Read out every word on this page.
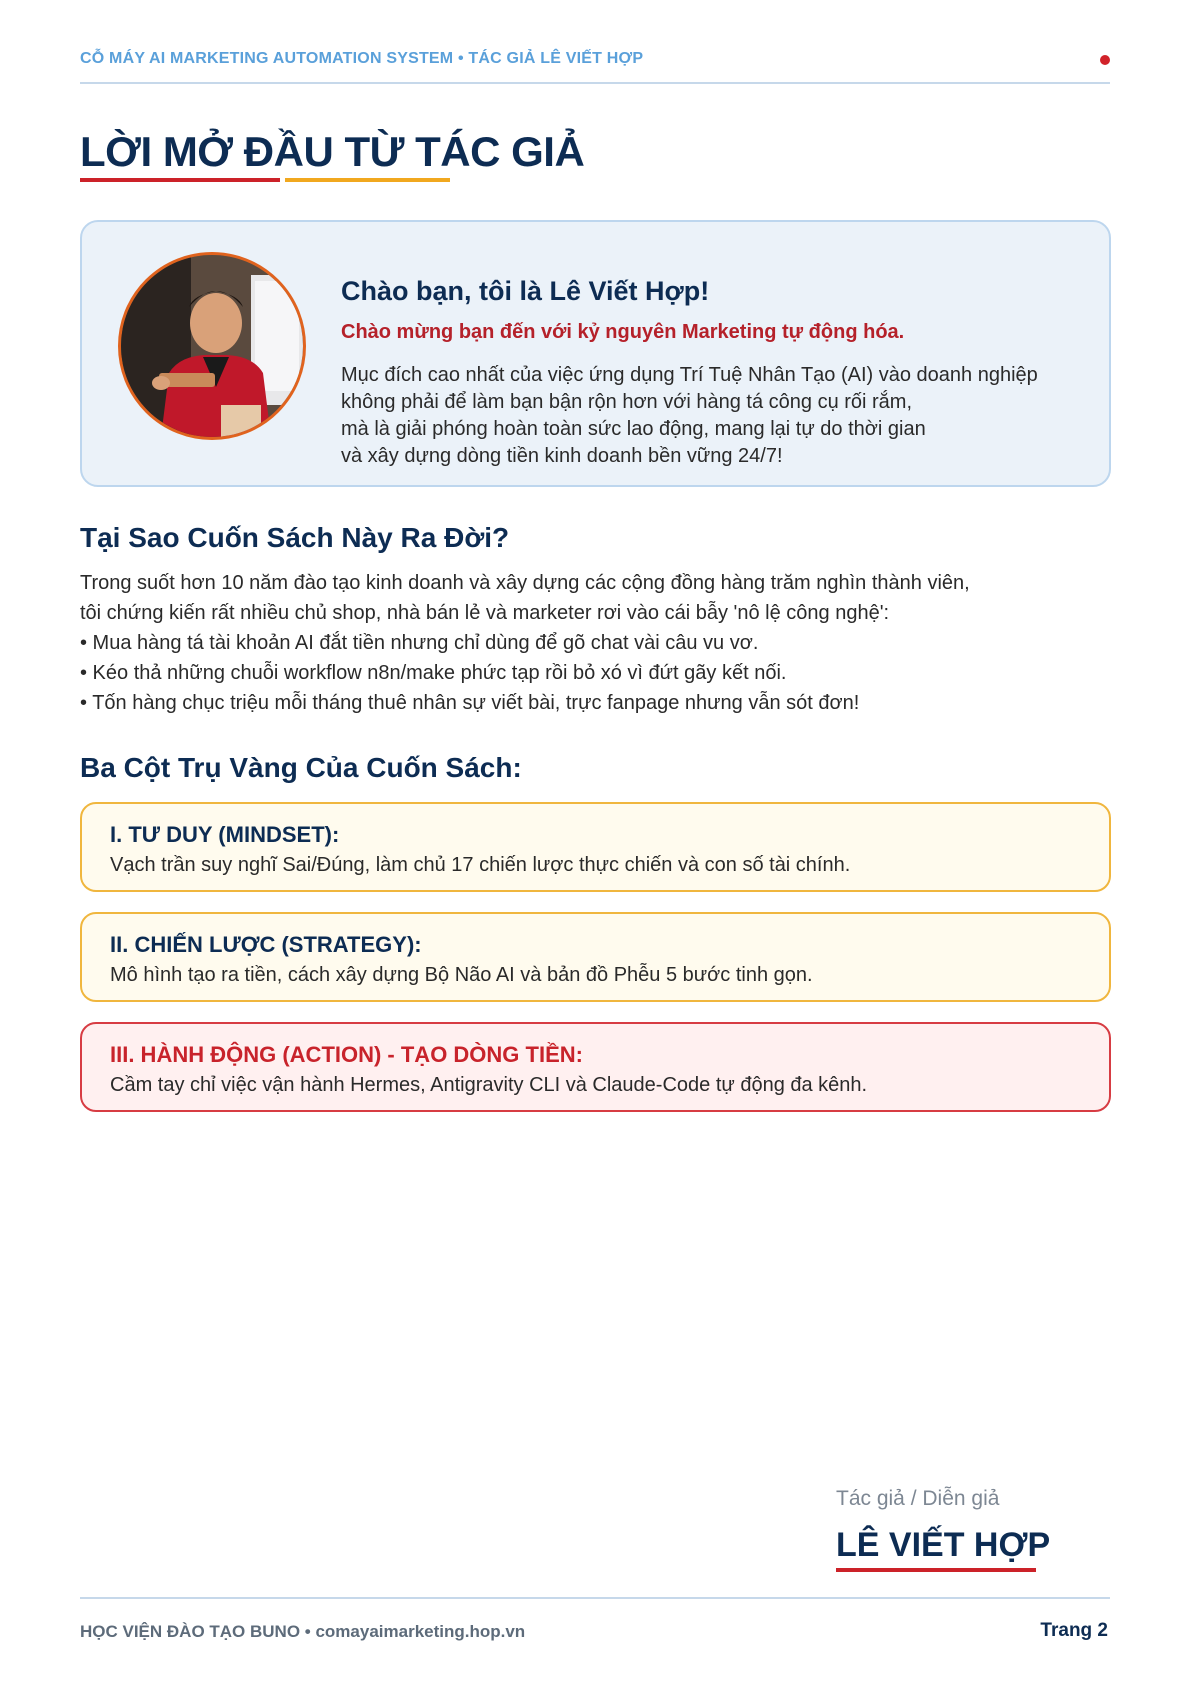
CỖ MÁY AI MARKETING AUTOMATION SYSTEM • TÁC GIẢ LÊ VIẾT HỢP
LỜI MỞ ĐẦU TỪ TÁC GIẢ
Chào bạn, tôi là Lê Viết Hợp!
Chào mừng bạn đến với kỷ nguyên Marketing tự động hóa.
Mục đích cao nhất của việc ứng dụng Trí Tuệ Nhân Tạo (AI) vào doanh nghiệp
không phải để làm bạn bận rộn hơn với hàng tá công cụ rối rắm,
mà là giải phóng hoàn toàn sức lao động, mang lại tự do thời gian
và xây dựng dòng tiền kinh doanh bền vững 24/7!
Tại Sao Cuốn Sách Này Ra Đời?
Trong suốt hơn 10 năm đào tạo kinh doanh và xây dựng các cộng đồng hàng trăm nghìn thành viên,
tôi chứng kiến rất nhiều chủ shop, nhà bán lẻ và marketer rơi vào cái bẫy 'nô lệ công nghệ':
• Mua hàng tá tài khoản AI đắt tiền nhưng chỉ dùng để gõ chat vài câu vu vơ.
• Kéo thả những chuỗi workflow n8n/make phức tạp rồi bỏ xó vì đứt gãy kết nối.
• Tốn hàng chục triệu mỗi tháng thuê nhân sự viết bài, trực fanpage nhưng vẫn sót đơn!
Ba Cột Trụ Vàng Của Cuốn Sách:
I. TƯ DUY (MINDSET):
Vạch trần suy nghĩ Sai/Đúng, làm chủ 17 chiến lược thực chiến và con số tài chính.
II. CHIẾN LƯỢC (STRATEGY):
Mô hình tạo ra tiền, cách xây dựng Bộ Não AI và bản đồ Phễu 5 bước tinh gọn.
III. HÀNH ĐỘNG (ACTION) - TẠO DÒNG TIỀN:
Cầm tay chỉ việc vận hành Hermes, Antigravity CLI và Claude-Code tự động đa kênh.
Tác giả / Diễn giả
LÊ VIẾT HỢP
HỌC VIỆN ĐÀO TẠO BUNO • comayaimarketing.hop.vn	Trang 2
